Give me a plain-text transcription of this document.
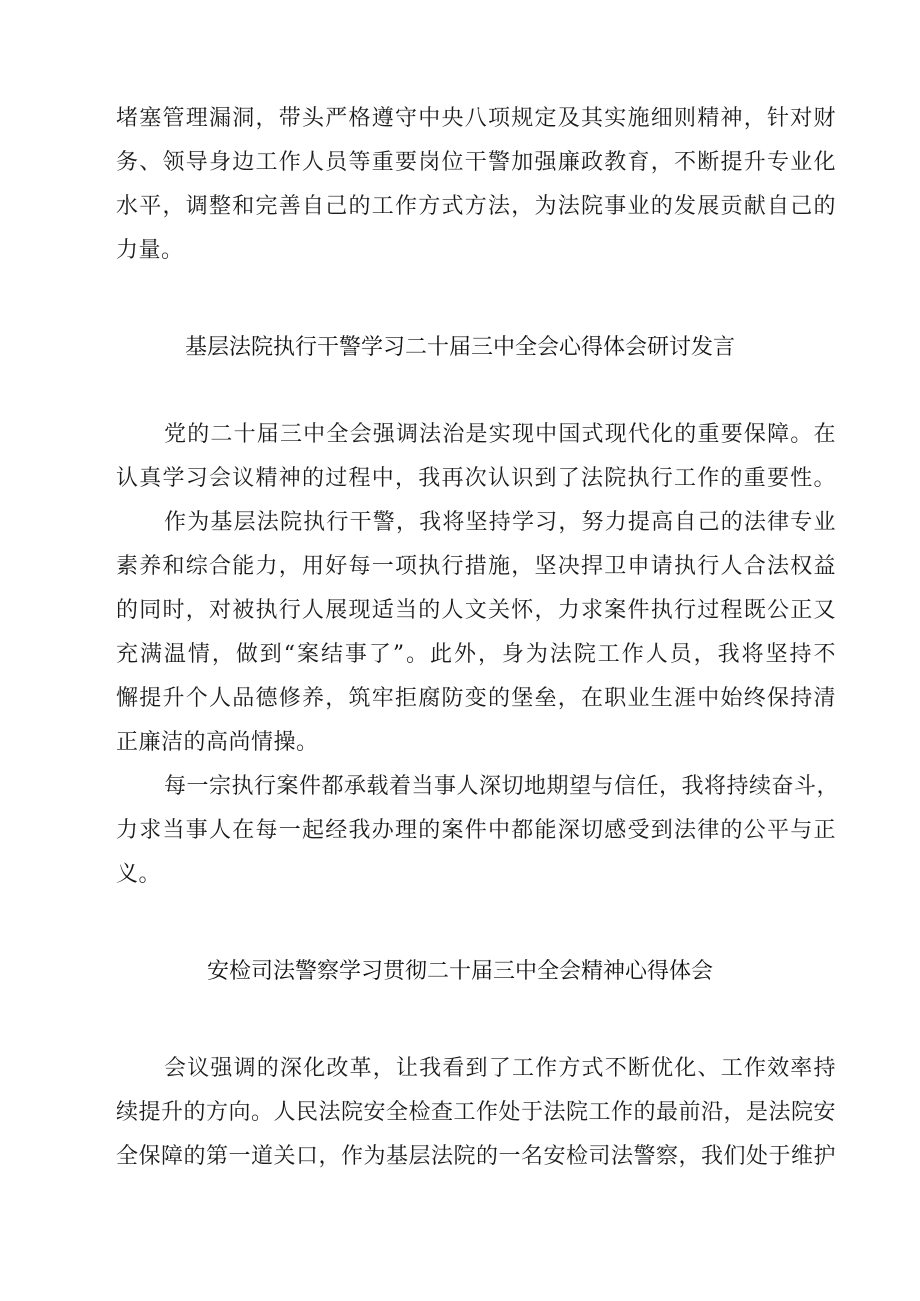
堵塞管理漏洞，带头严格遵守中央八项规定及其实施细则精神，针对财
务、领导身边工作人员等重要岗位干警加强廉政教育，不断提升专业化
水平，调整和完善自己的工作方式方法，为法院事业的发展贡献自己的
力量。
基层法院执行干警学习二十届三中全会心得体会研讨发言
党的二十届三中全会强调法治是实现中国式现代化的重要保障。在
认真学习会议精神的过程中，我再次认识到了法院执行工作的重要性。
作为基层法院执行干警，我将坚持学习，努力提高自己的法律专业
素养和综合能力，用好每一项执行措施，坚决捍卫申请执行人合法权益
的同时，对被执行人展现适当的人文关怀，力求案件执行过程既公正又
充满温情，做到“案结事了”。此外，身为法院工作人员，我将坚持不
懈提升个人品德修养，筑牢拒腐防变的堡垒，在职业生涯中始终保持清
正廉洁的高尚情操。
每一宗执行案件都承载着当事人深切地期望与信任，我将持续奋斗，
力求当事人在每一起经我办理的案件中都能深切感受到法律的公平与正
义。
安检司法警察学习贯彻二十届三中全会精神心得体会
会议强调的深化改革，让我看到了工作方式不断优化、工作效率持
续提升的方向。人民法院安全检查工作处于法院工作的最前沿，是法院安
全保障的第一道关口，作为基层法院的一名安检司法警察，我们处于维护
